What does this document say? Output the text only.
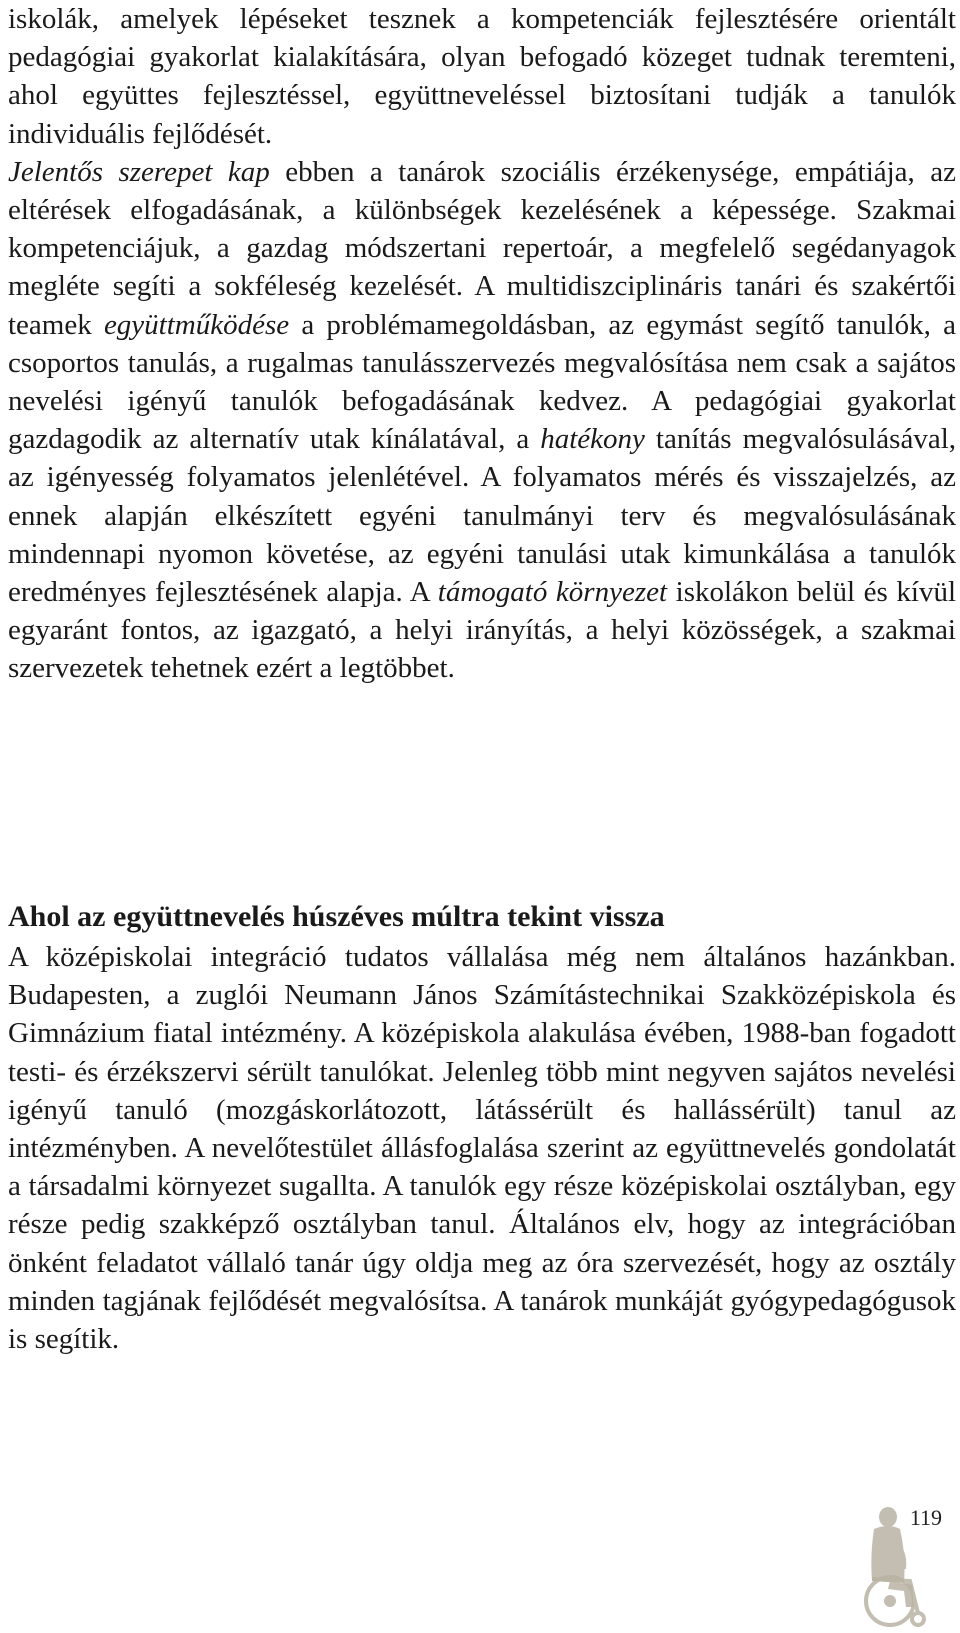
iskolák, amelyek lépéseket tesznek a kompetenciák fejlesztésére orientált pedagógiai gyakorlat kialakítására, olyan befogadó közeget tudnak teremteni, ahol együttes fejlesztéssel, együttneveléssel biztosítani tudják a tanulók individuális fejlődését.

Jelentős szerepet kap ebben a tanárok szociális érzékenysége, empátiája, az eltérések elfogadásának, a különbségek kezelésének a képessége. Szakmai kompetenciájuk, a gazdag módszertani repertoár, a megfelelő segédanyagok megléte segíti a sokféleség kezelését. A multidiszciplináris tanári és szakértői teamek együttműködése a problémamegoldásban, az egymást segítő tanulók, a csoportos tanulás, a rugalmas tanulásszervezés megvalósítása nem csak a sajátos nevelési igényű tanulók befogadásának kedvez. A pedagógiai gyakorlat gazdagodik az alternatív utak kínálatával, a hatékony tanítás megvalósulásával, az igényesség folyamatos jelenlétével. A folyamatos mérés és visszajelzés, az ennek alapján elkészített egyéni tanulmányi terv és megvalósulásának mindennapi nyomon követése, az egyéni tanulási utak kimunkálása a tanulók eredményes fejlesztésének alapja. A támogató környezet iskolákon belül és kívül egyaránt fontos, az igazgató, a helyi irányítás, a helyi közösségek, a szakmai szervezetek tehetnek ezért a legtöbbet.

Ahol az együttnevelés húszéves múltra tekint vissza

A középiskolai integráció tudatos vállalása még nem általános hazánkban. Budapesten, a zuglói Neumann János Számítástechnikai Szakközépiskola és Gimnázium fiatal intézmény. A középiskola alakulása évében, 1988-ban fogadott testi- és érzékszervi sérült tanulókat. Jelenleg több mint negyven sajátos nevelési igényű tanuló (mozgáskorlátozott, látássérült és hallássérült) tanul az intézményben. A nevelőtestület állásfoglalása szerint az együttnevelés gondolatát a társadalmi környezet sugallta. A tanulók egy része középiskolai osztályban, egy része pedig szakképző osztályban tanul. Általános elv, hogy az integrációban önként feladatot vállaló tanár úgy oldja meg az óra szervezését, hogy az osztály minden tagjának fejlődését megvalósítsa. A tanárok munkáját gyógypedagógusok is segítik.

119
